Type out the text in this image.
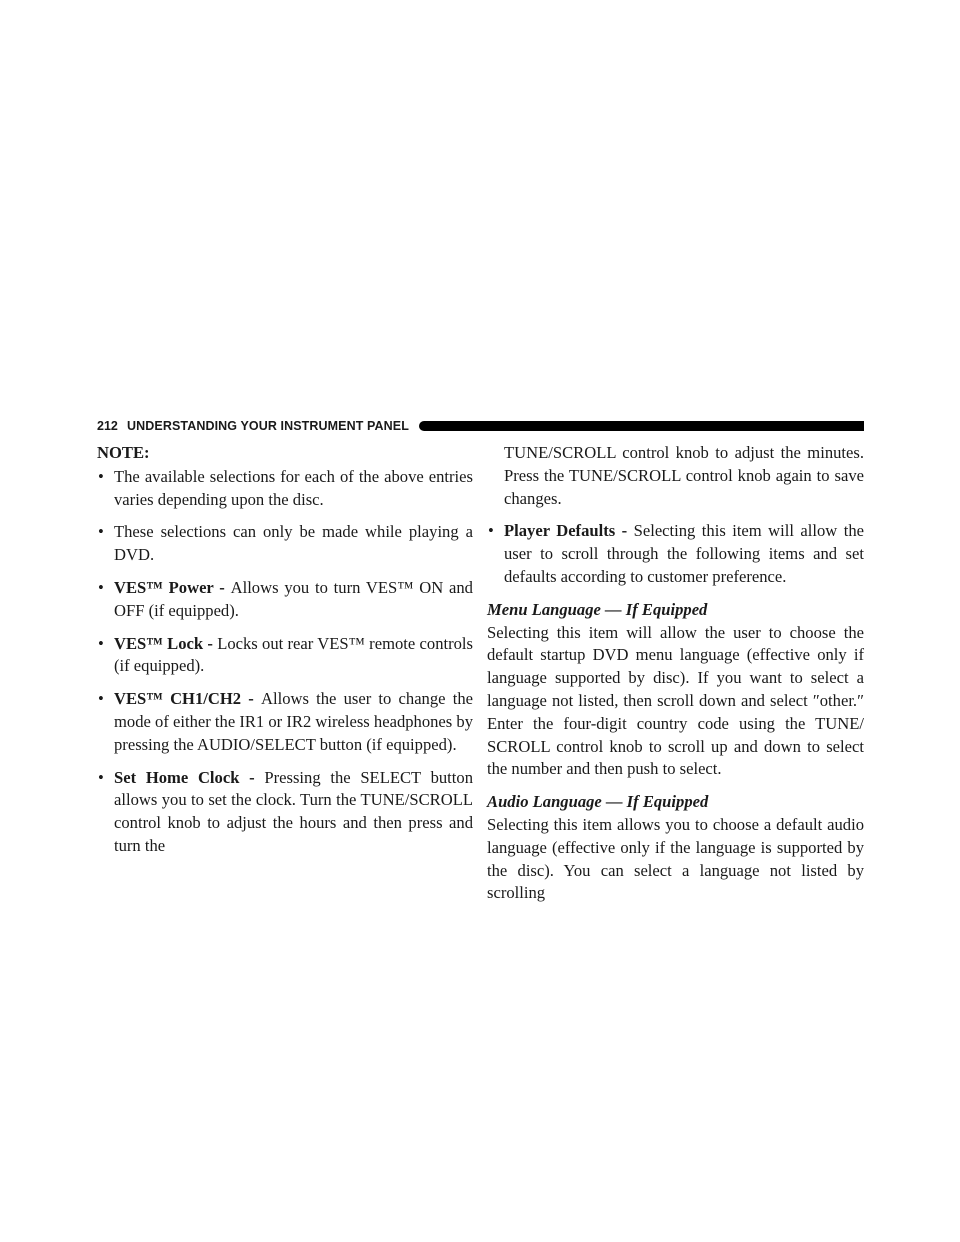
212 UNDERSTANDING YOUR INSTRUMENT PANEL

NOTE:

• The available selections for each of the above entries varies depending upon the disc.

• These selections can only be made while playing a DVD.

• VES™ Power - Allows you to turn VES™ ON and OFF (if equipped).

• VES™ Lock - Locks out rear VES™ remote controls (if equipped).

• VES™ CH1/CH2 - Allows the user to change the mode of either the IR1 or IR2 wireless headphones by pressing the AUDIO/SELECT button (if equipped).

• Set Home Clock - Pressing the SELECT button allows you to set the clock. Turn the TUNE/SCROLL control knob to adjust the hours and then press and turn the

TUNE/SCROLL control knob to adjust the minutes. Press the TUNE/SCROLL control knob again to save changes.

• Player Defaults - Selecting this item will allow the user to scroll through the following items and set defaults according to customer preference.

Menu Language — If Equipped

Selecting this item will allow the user to choose the default startup DVD menu language (effective only if language supported by disc). If you want to select a language not listed, then scroll down and select ″other.″ Enter the four-digit country code using the TUNE/ SCROLL control knob to scroll up and down to select the number and then push to select.

Audio Language — If Equipped

Selecting this item allows you to choose a default audio language (effective only if the language is supported by the disc). You can select a language not listed by scrolling
